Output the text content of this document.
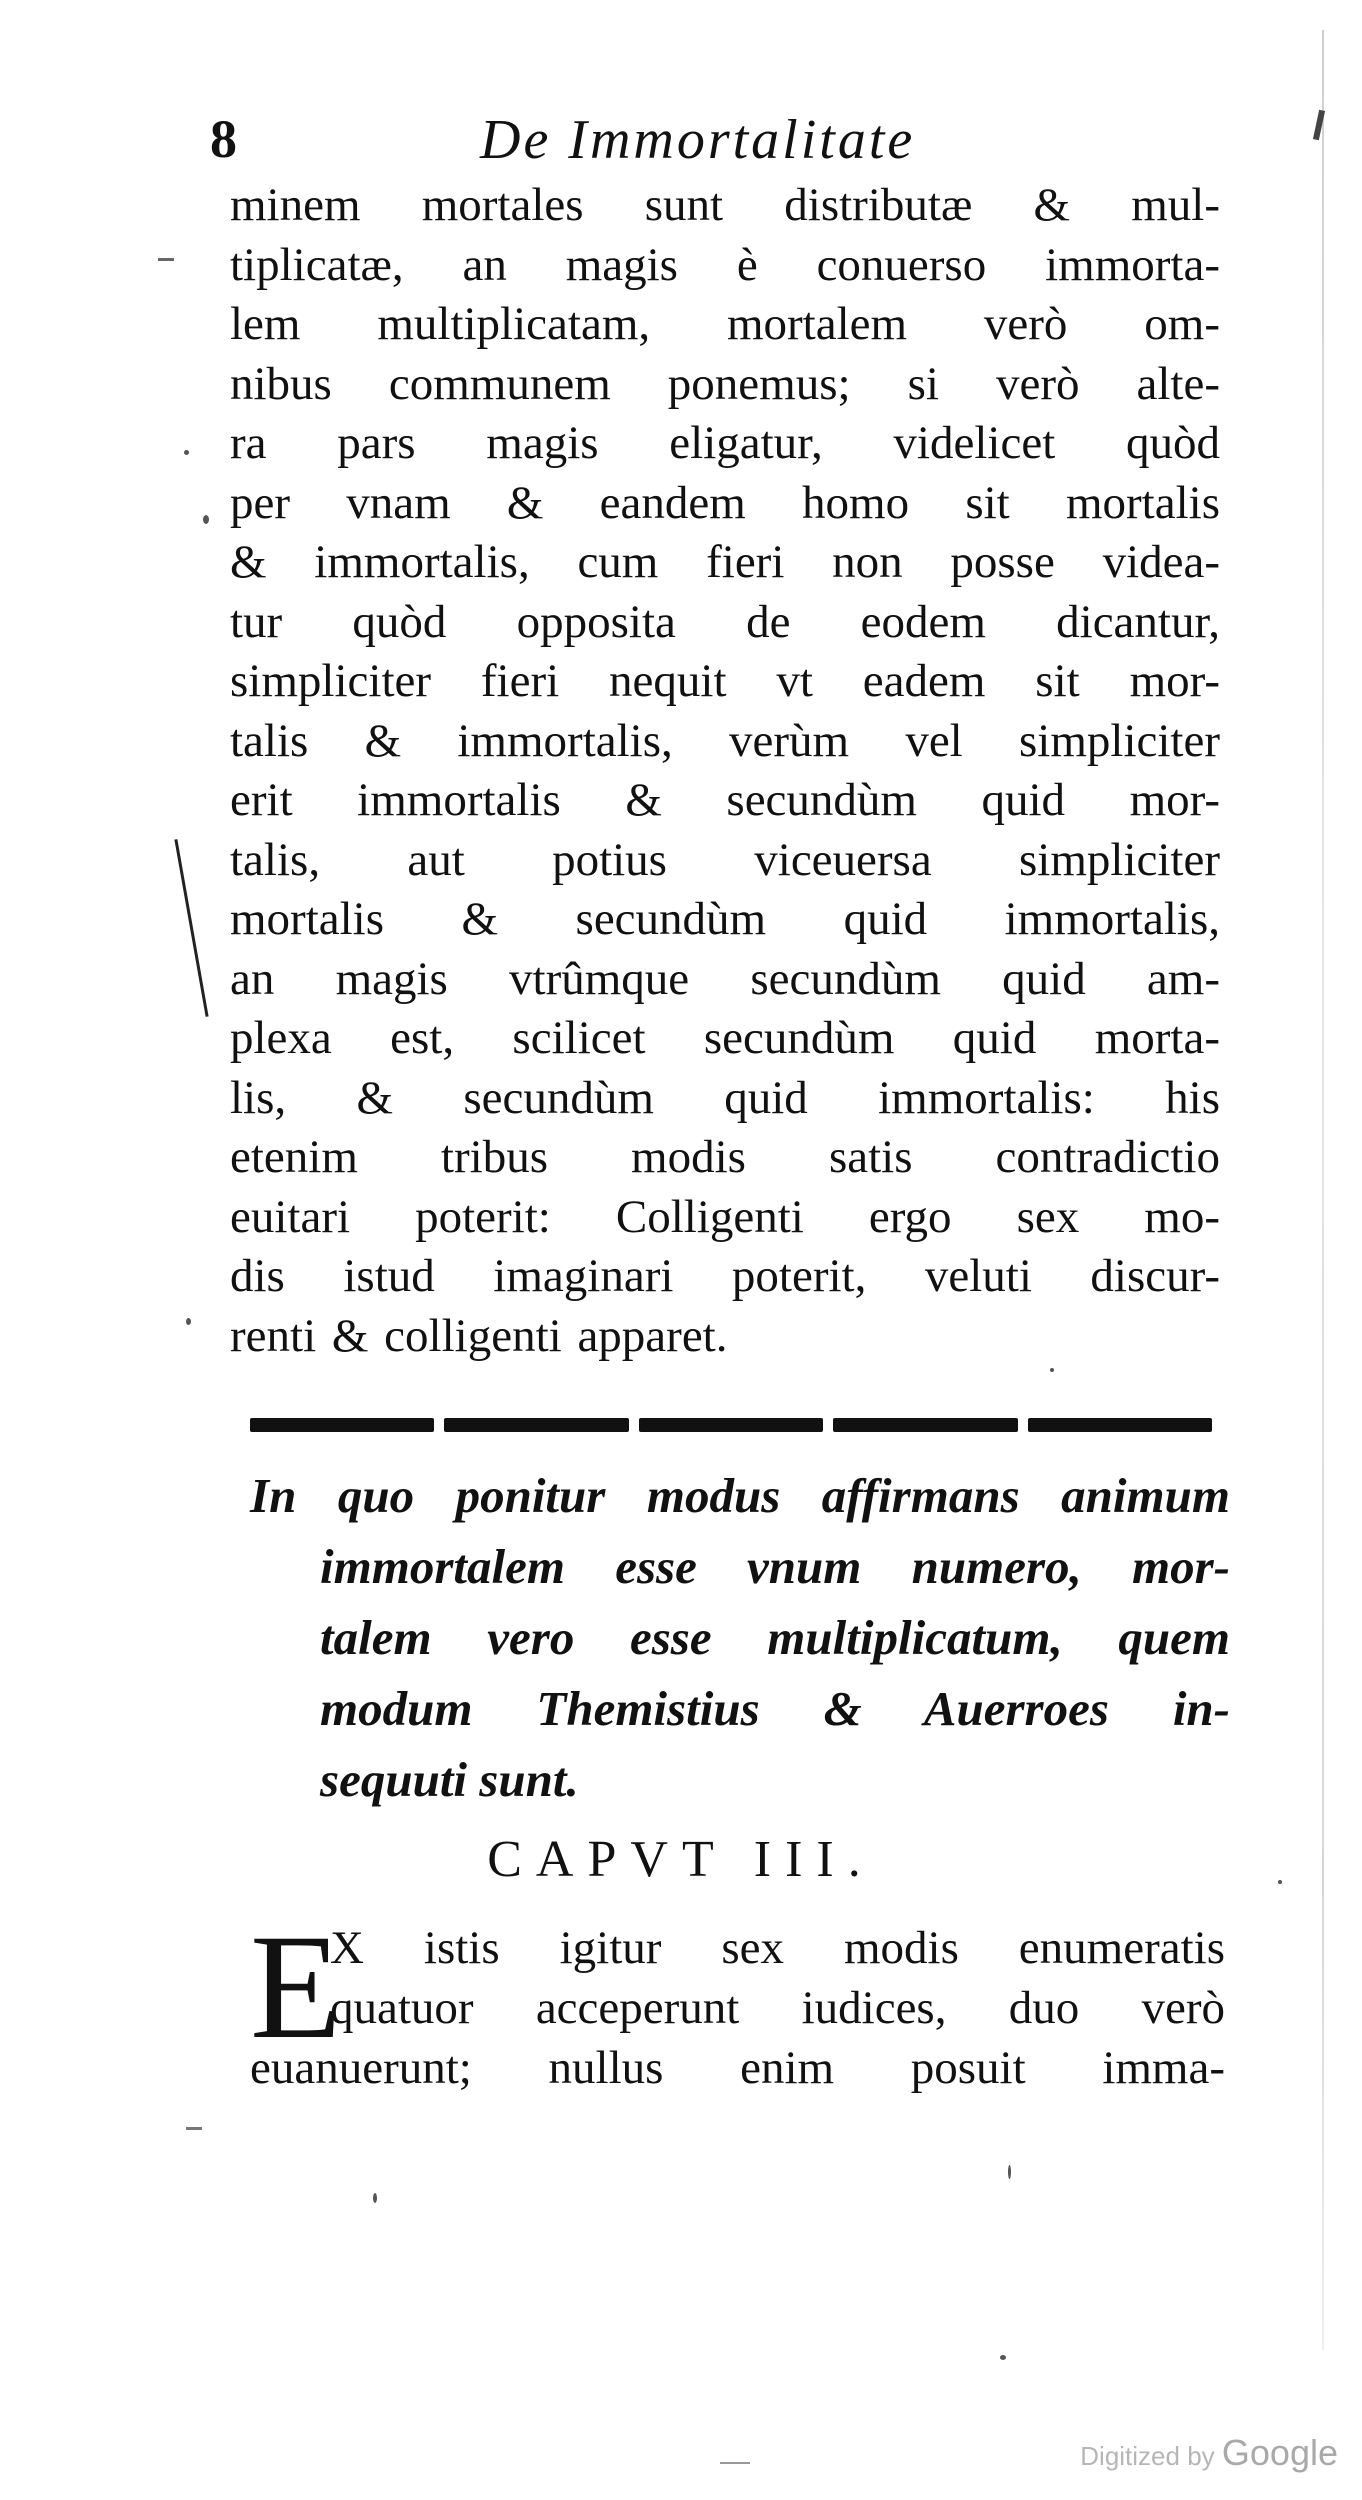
8	De Immortalitate
minem mortales sunt distributæ & mul-
tiplicatæ, an magis è conuerso immorta-
lem multiplicatam, mortalem verò om-
nibus communem ponemus; si verò alte-
ra pars magis eligatur, videlicet quòd
per vnam & eandem homo sit mortalis
& immortalis, cum fieri non posse videa-
tur quòd opposita de eodem dicantur,
simpliciter fieri nequit vt eadem sit mor-
talis & immortalis, verùm vel simpliciter
erit immortalis & secundùm quid mor-
talis, aut potius viceuersa simpliciter
mortalis & secundùm quid immortalis,
an magis vtrûmque secundùm quid am-
plexa est, scilicet secundùm quid morta-
lis, & secundùm quid immortalis: his
etenim tribus modis satis contradictio
euitari poterit: Colligenti ergo sex mo-
dis istud imaginari poterit, veluti discur-
renti & colligenti apparet.
In quo ponitur modus affirmans animum
immortalem esse vnum numero, mor-
talem vero esse multiplicatum, quem
modum Themistius & Auerroes in-
sequuti sunt.
CAPVT III.
E
X istis igitur sex modis enumeratis
quatuor acceperunt iudices, duo verò
euanuerunt; nullus enim posuit imma-
Digitized by Google
